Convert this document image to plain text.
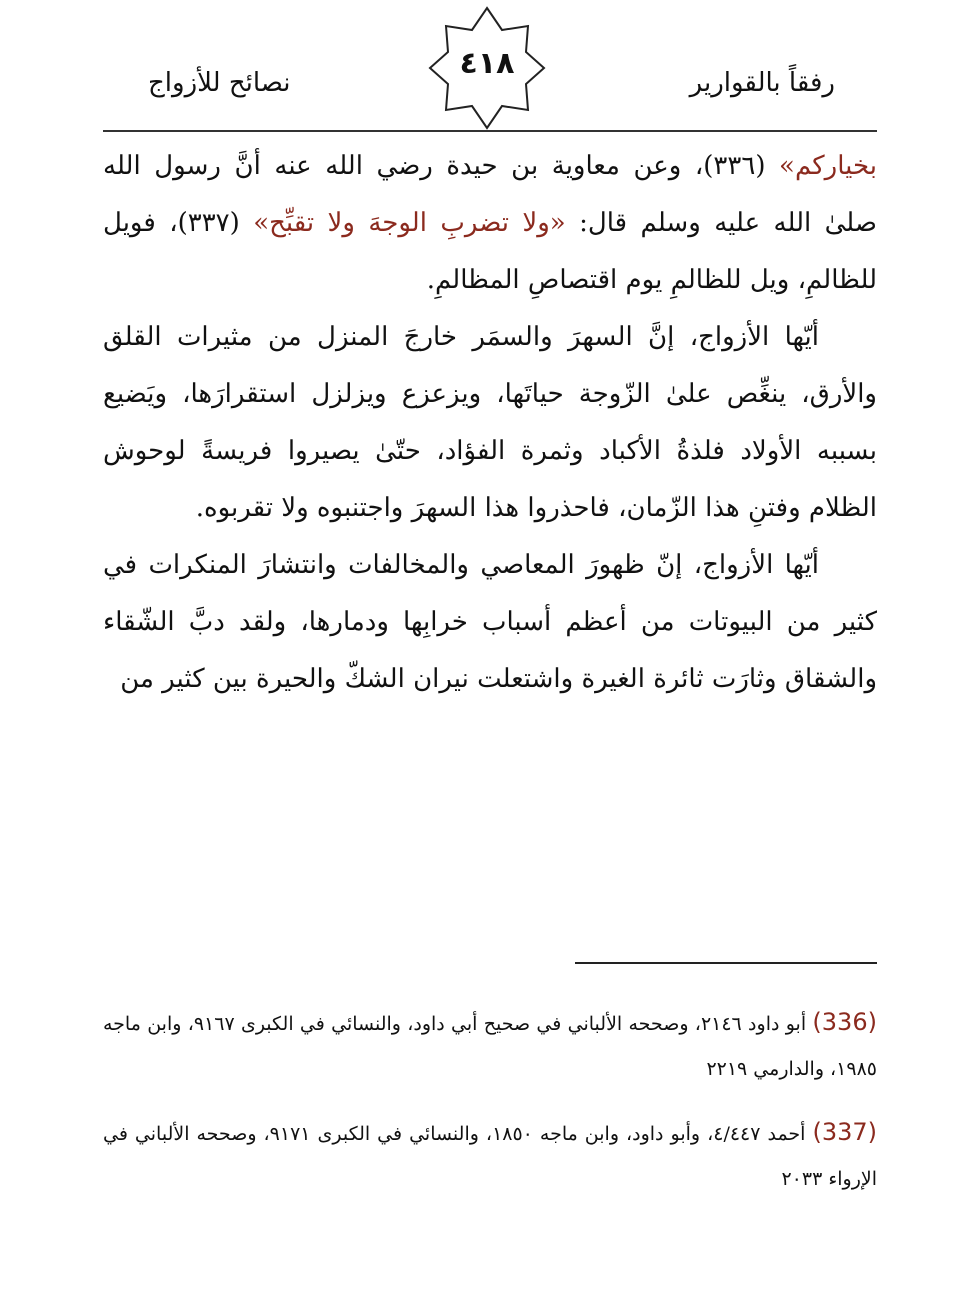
رفقاً بالقوارير
٤١٨
نصائح للأزواج

بخياركم» (٣٣٦)، وعن معاوية بن حيدة رضي الله عنه أنَّ رسول الله صلىٰ الله عليه وسلم قال: «ولا تضربِ الوجهَ ولا تقبِّح» (٣٣٧)، فويل للظالمِ، ويل للظالمِ يوم اقتصاصِ المظالمِ.

أيّها الأزواج، إنَّ السهرَ والسمَر خارجَ المنزل من مثيرات القلق والأرق، ينغِّص علىٰ الزّوجة حياتَها، ويزعزع ويزلزل استقرارَها، ويَضيع بسببه الأولاد فلذةُ الأكباد وثمرة الفؤاد، حتّىٰ يصيروا فريسةً لوحوش الظلام وفتنِ هذا الزّمان، فاحذروا هذا السهرَ واجتنبوه ولا تقربوه.

أيّها الأزواج، إنّ ظهورَ المعاصي والمخالفات وانتشارَ المنكرات في كثير من البيوتات من أعظم أسباب خرابِها ودمارها، ولقد دبَّ الشّقاء والشقاق وثارَت ثائرة الغيرة واشتعلت نيران الشكّ والحيرة بين كثير من

(336) أبو داود ٢١٤٦، وصححه الألباني في صحيح أبي داود، والنسائي في الكبرى ٩١٦٧، وابن ماجه ١٩٨٥، والدارمي ٢٢١٩

(337) أحمد ٤/٤٤٧، وأبو داود، وابن ماجه ١٨٥٠، والنسائي في الكبرى ٩١٧١، وصححه الألباني في الإرواء ٢٠٣٣
